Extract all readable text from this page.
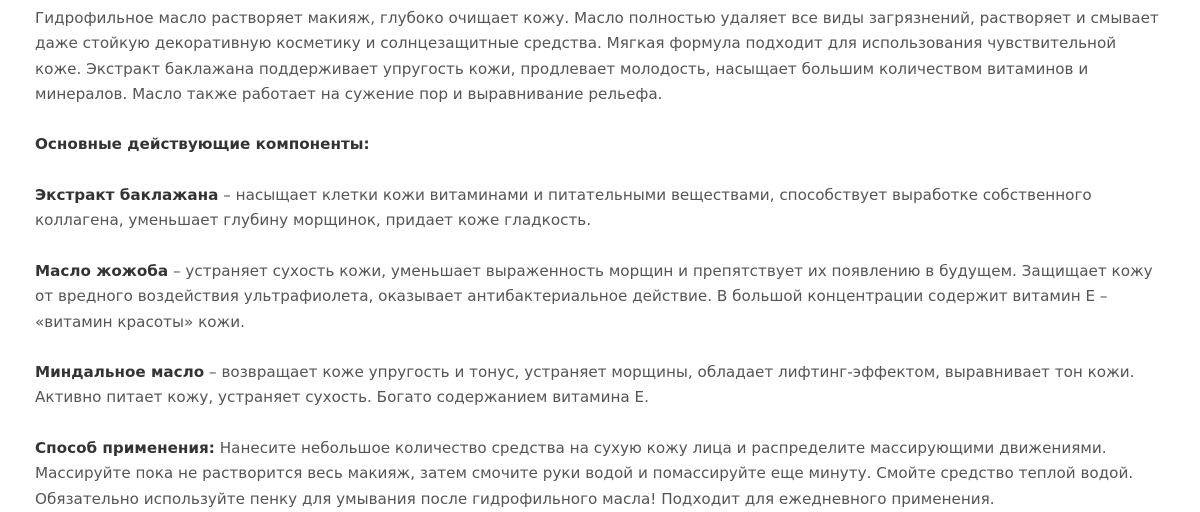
Гидрофильное масло растворяет макияж, глубоко очищает кожу. Масло полностью удаляет все виды загрязнений, растворяет и смывает даже стойкую декоративную косметику и солнцезащитные средства. Мягкая формула подходит для использования чувствительной коже. Экстракт баклажана поддерживает упругость кожи, продлевает молодость, насыщает большим количеством витаминов и минералов. Масло также работает на сужение пор и выравнивание рельефа.

Основные действующие компоненты:

Экстракт баклажана – насыщает клетки кожи витаминами и питательными веществами, способствует выработке собственного коллагена, уменьшает глубину морщинок, придает коже гладкость.

Масло жожоба – устраняет сухость кожи, уменьшает выраженность морщин и препятствует их появлению в будущем. Защищает кожу от вредного воздействия ультрафиолета, оказывает антибактериальное действие. В большой концентрации содержит витамин Е – «витамин красоты» кожи.

Миндальное масло – возвращает коже упругость и тонус, устраняет морщины, обладает лифтинг-эффектом, выравнивает тон кожи. Активно питает кожу, устраняет сухость. Богато содержанием витамина Е.

Способ применения: Нанесите небольшое количество средства на сухую кожу лица и распределите массирующими движениями. Массируйте пока не растворится весь макияж, затем смочите руки водой и помассируйте еще минуту. Смойте средство теплой водой. Обязательно используйте пенку для умывания после гидрофильного масла! Подходит для ежедневного применения.
